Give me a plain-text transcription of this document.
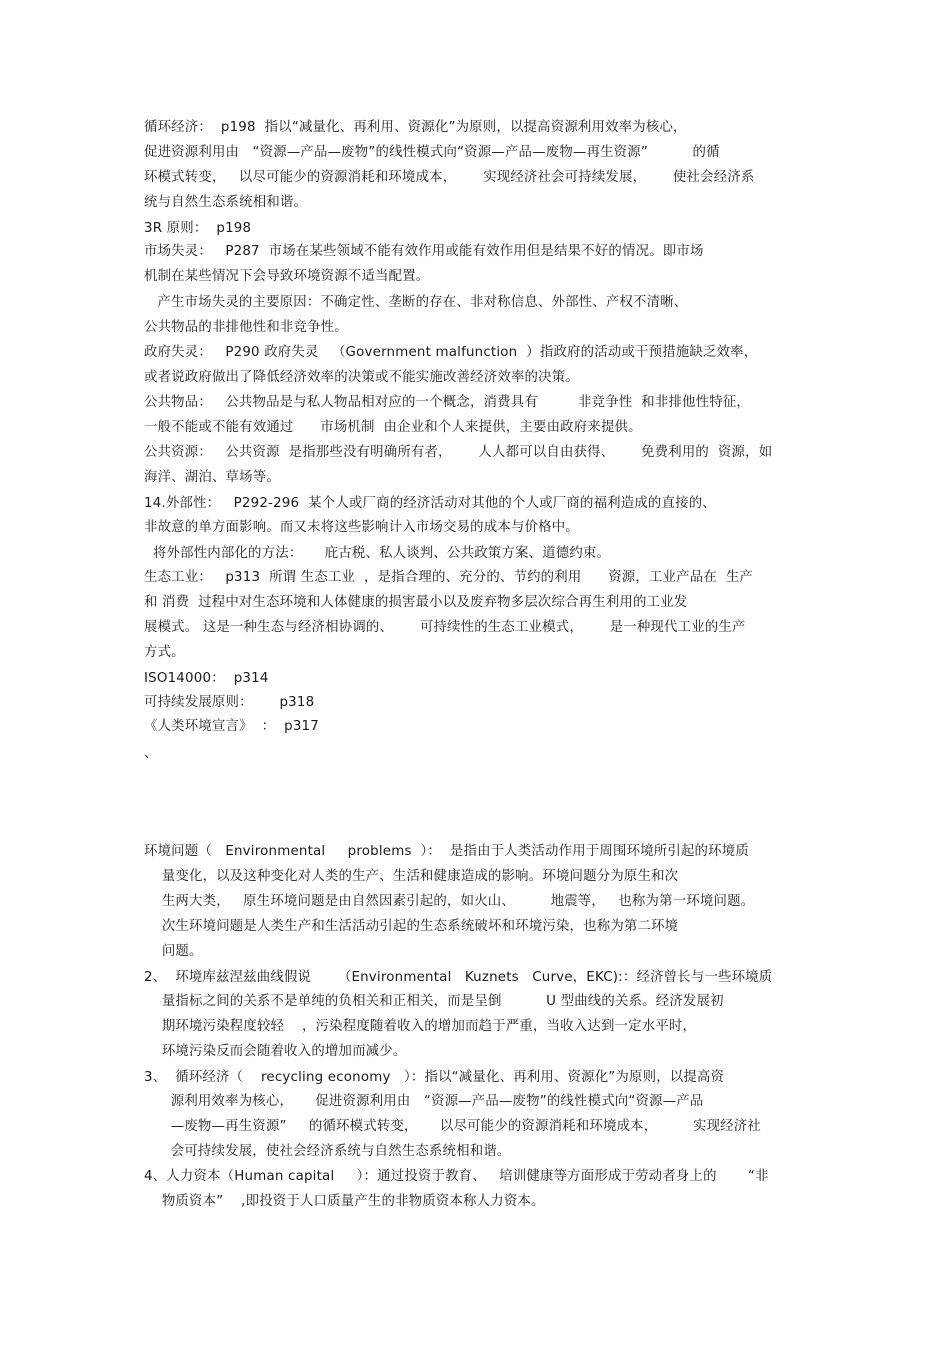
循环经济：  p198  指以“减量化、再利用、资源化”为原则，以提高资源利用效率为核心，
促进资源利用由   “资源—产品—废物”的线性模式向“资源—产品—废物—再生资源”          的循
环模式转变，   以尽可能少的资源消耗和环境成本，      实现经济社会可持续发展，      使社会经济系
统与自然生态系统相和谐。
3R 原则：  p198
市场失灵：   P287  市场在某些领域不能有效作用或能有效作用但是结果不好的情况。即市场
机制在某些情况下会导致环境资源不适当配置。
产生市场失灵的主要原因：不确定性、垄断的存在、非对称信息、外部性、产权不清晰、
公共物品的非排他性和非竞争性。
政府失灵：   P290 政府失灵   （Government malfunction  ）指政府的活动或干预措施缺乏效率，
或者说政府做出了降低经济效率的决策或不能实施改善经济效率的决策。
公共物品：   公共物品是与私人物品相对应的一个概念，消费具有         非竞争性  和非排他性特征，
一般不能或不能有效通过      市场机制  由企业和个人来提供，主要由政府来提供。
公共资源：   公共资源  是指那些没有明确所有者，      人人都可以自由获得、      免费利用的  资源，如
海洋、湖泊、草场等。
14.外部性：   P292-296  某个人或厂商的经济活动对其他的个人或厂商的福利造成的直接的、
非故意的单方面影响。而又未将这些影响计入市场交易的成本与价格中。
将外部性内部化的方法：     庇古税、私人谈判、公共政策方案、道德约束。
生态工业：   p313  所谓 生态工业  ，是指合理的、充分的、节约的利用      资源，工业产品在  生产
和 消费  过程中对生态环境和人体健康的损害最小以及废弃物多层次综合再生利用的工业发
展模式。 这是一种生态与经济相协调的、      可持续性的生态工业模式，      是一种现代工业的生产
方式。
ISO14000：  p314
可持续发展原则：      p318
《人类环境宣言》  ：  p317
、
环境问题（   Environmental     problems  ）：  是指由于人类活动作用于周围环境所引起的环境质
量变化，以及这种变化对人类的生产、生活和健康造成的影响。环境问题分为原生和次
生两大类，   原生环境问题是由自然因素引起的，如火山、        地震等，   也称为第一环境问题。
次生环境问题是人类生产和生活活动引起的生态系统破坏和环境污染，也称为第二环境
问题。
2、  环境库兹涅兹曲线假说      （Environmental   Kuznets   Curve，EKC):：经济曾长与一些环境质
量指标之间的关系不是单纯的负相关和正相关，而是呈倒          U 型曲线的关系。经济发展初
期环境污染程度较轻    ，污染程度随着收入的增加而趋于严重，当收入达到一定水平时，
环境污染反而会随着收入的增加而减少。
3、  循环经济（    recycling economy   ）：指以“减量化、再利用、资源化”为原则，以提高资
源利用效率为核心，     促进资源利用由   “资源—产品—废物”的线性模式向“资源—产品
—废物—再生资源”     的循环模式转变，     以尽可能少的资源消耗和环境成本，        实现经济社
会可持续发展，使社会经济系统与自然生态系统相和谐。
4、人力资本（Human capital     ）：通过投资于教育、   培训健康等方面形成于劳动者身上的       “非
物质资本”    ,即投资于人口质量产生的非物质资本称人力资本。
